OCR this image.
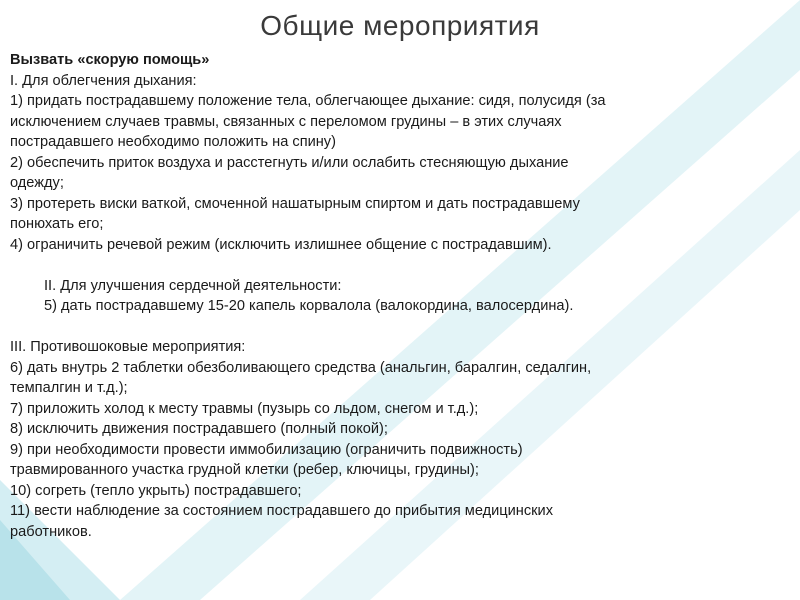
Общие мероприятия
Вызвать «скорую помощь»
I. Для облегчения дыхания:
1) придать пострадавшему положение тела, облегчающее дыхание: сидя, полусидя (за
исключением случаев травмы, связанных с переломом грудины – в этих случаях
пострадавшего необходимо положить на спину)
2) обеспечить приток воздуха и расстегнуть и/или ослабить стесняющую дыхание
одежду;
3) протереть виски ваткой, смоченной нашатырным спиртом и дать пострадавшему
понюхать его;
4) ограничить речевой режим (исключить излишнее общение с пострадавшим).
II. Для улучшения сердечной деятельности:
5) дать пострадавшему 15-20 капель корвалола (валокордина, валосердина).
III. Противошоковые мероприятия:
6) дать внутрь 2 таблетки обезболивающего средства (анальгин, баралгин, седалгин,
темпалгин и т.д.);
7) приложить холод к месту травмы (пузырь со льдом, снегом и т.д.);
8) исключить движения пострадавшего (полный покой);
9) при необходимости провести иммобилизацию (ограничить подвижность)
травмированного участка грудной клетки (ребер, ключицы, грудины);
10) согреть (тепло укрыть) пострадавшего;
11) вести наблюдение за состоянием пострадавшего до прибытия медицинских
работников.
